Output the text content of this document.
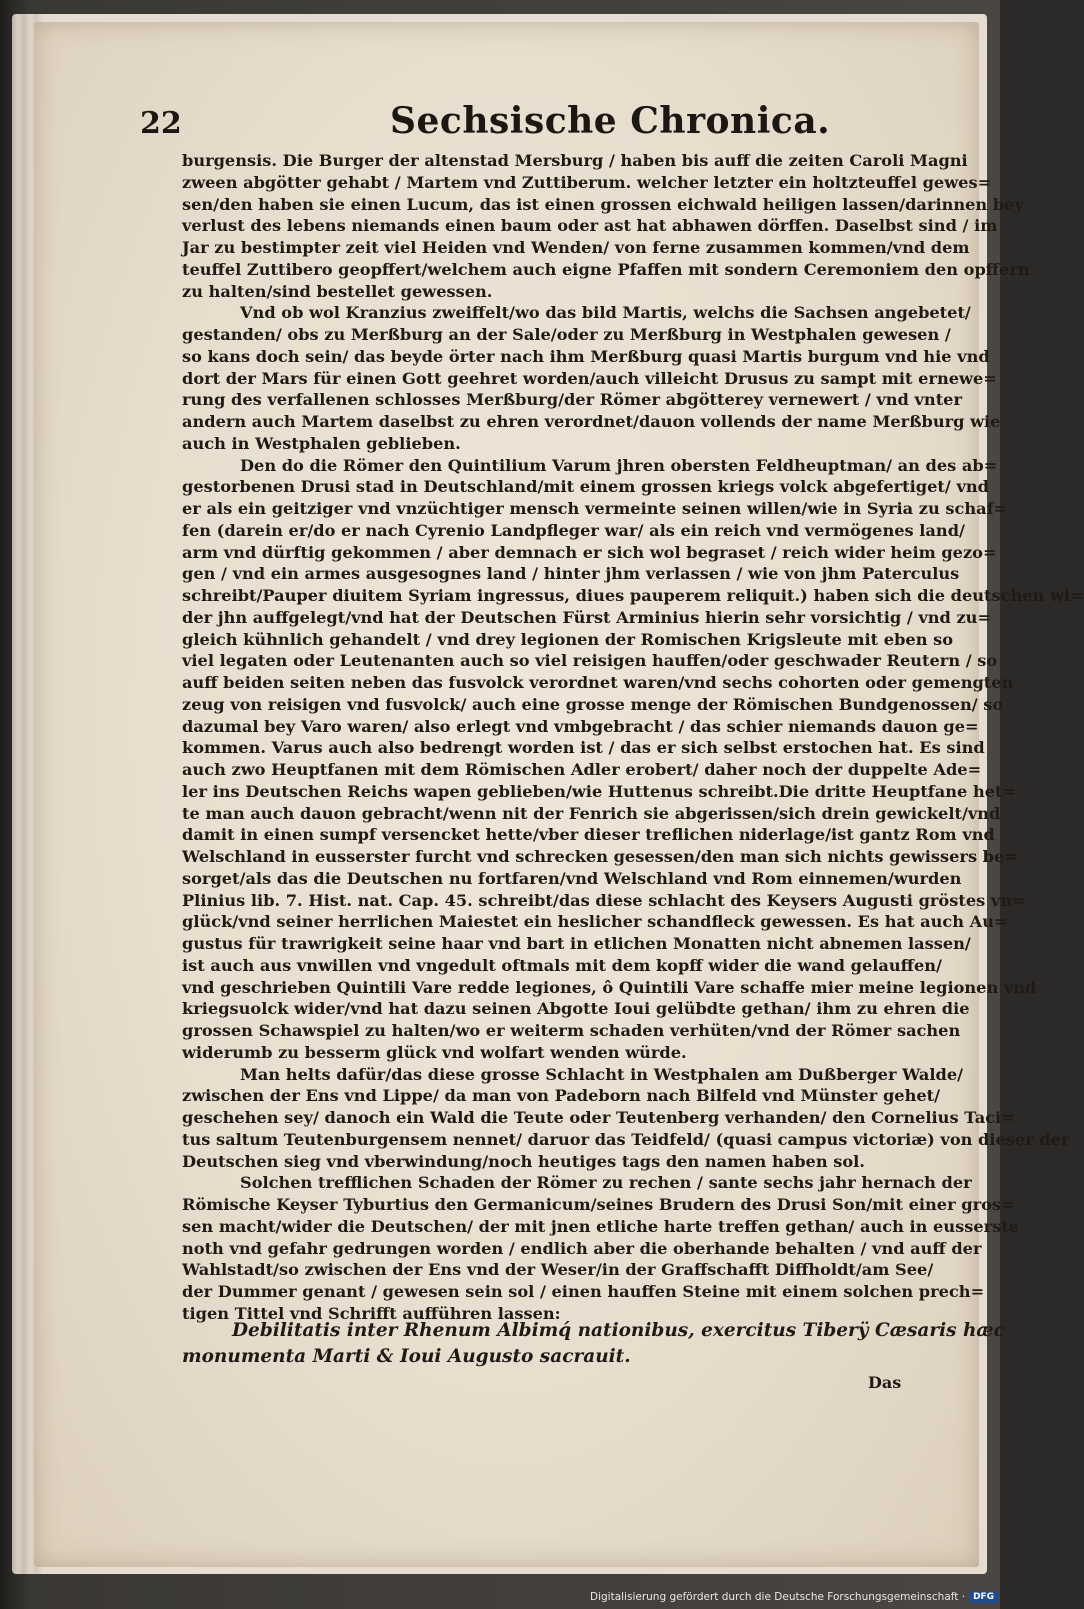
22	Sechsische Chronica.
burgensis. Die Burger der altenstad Mersburg / haben bis auff die zeiten Caroli Magni
zween abgötter gehabt / Martem vnd Zuttiberum. welcher letzter ein holtzteuffel gewes=
sen/den haben sie einen Lucum, das ist einen grossen eichwald heiligen lassen/darinnen bey
verlust des lebens niemands einen baum oder ast hat abhawen dörffen. Daselbst sind / im
Jar zu bestimpter zeit viel Heiden vnd Wenden/ von ferne zusammen kommen/vnd dem
teuffel Zuttibero geopffert/welchem auch eigne Pfaffen mit sondern Ceremoniem den opffern
zu halten/sind bestellet gewessen.
Vnd ob wol Kranzius zweiffelt/wo das bild Martis, welchs die Sachsen angebetet/
gestanden/ obs zu Merßburg an der Sale/oder zu Merßburg in Westphalen gewesen /
so kans doch sein/ das beyde örter nach ihm Merßburg quasi Martis burgum vnd hie vnd
dort der Mars für einen Gott geehret worden/auch villeicht Drusus zu sampt mit ernewe=
rung des verfallenen schlosses Merßburg/der Römer abgötterey vernewert / vnd vnter
andern auch Martem daselbst zu ehren verordnet/dauon vollends der name Merßburg wie
auch in Westphalen geblieben.
Den do die Römer den Quintilium Varum jhren obersten Feldheuptman/ an des ab=
gestorbenen Drusi stad in Deutschland/mit einem grossen kriegs volck abgefertiget/ vnd
er als ein geitziger vnd vnzüchtiger mensch vermeinte seinen willen/wie in Syria zu schaf=
fen (darein er/do er nach Cyrenio Landpfleger war/ als ein reich vnd vermögenes land/
arm vnd dürftig gekommen / aber demnach er sich wol begraset / reich wider heim gezo=
gen / vnd ein armes ausgesognes land / hinter jhm verlassen / wie von jhm Paterculus
schreibt/Pauper diuitem Syriam ingressus, diues pauperem reliquit.) haben sich die deutschen wi=
der jhn auffgelegt/vnd hat der Deutschen Fürst Arminius hierin sehr vorsichtig / vnd zu=
gleich kühnlich gehandelt / vnd drey legionen der Romischen Krigsleute mit eben so
viel legaten oder Leutenanten auch so viel reisigen hauffen/oder geschwader Reutern / so
auff beiden seiten neben das fusvolck verordnet waren/vnd sechs cohorten oder gemengten
zeug von reisigen vnd fusvolck/ auch eine grosse menge der Römischen Bundgenossen/ so
dazumal bey Varo waren/ also erlegt vnd vmbgebracht / das schier niemands dauon ge=
kommen. Varus auch also bedrengt worden ist / das er sich selbst erstochen hat. Es sind
auch zwo Heuptfanen mit dem Römischen Adler erobert/ daher noch der duppelte Ade=
ler ins Deutschen Reichs wapen geblieben/wie Huttenus schreibt.Die dritte Heuptfane het=
te man auch dauon gebracht/wenn nit der Fenrich sie abgerissen/sich drein gewickelt/vnd
damit in einen sumpf versencket hette/vber dieser treflichen niderlage/ist gantz Rom vnd
Welschland in eusserster furcht vnd schrecken gesessen/den man sich nichts gewissers be=
sorget/als das die Deutschen nu fortfaren/vnd Welschland vnd Rom einnemen/wurden
Plinius lib. 7. Hist. nat. Cap. 45. schreibt/das diese schlacht des Keysers Augusti gröstes vn=
glück/vnd seiner herrlichen Maiestet ein heslicher schandfleck gewessen. Es hat auch Au=
gustus für trawrigkeit seine haar vnd bart in etlichen Monatten nicht abnemen lassen/
ist auch aus vnwillen vnd vngedult oftmals mit dem kopff wider die wand gelauffen/
vnd geschrieben Quintili Vare redde legiones, ô Quintili Vare schaffe mier meine legionen vnd
kriegsuolck wider/vnd hat dazu seinen Abgotte Ioui gelübdte gethan/ ihm zu ehren die
grossen Schawspiel zu halten/wo er weiterm schaden verhüten/vnd der Römer sachen
widerumb zu besserm glück vnd wolfart wenden würde.
Man helts dafür/das diese grosse Schlacht in Westphalen am Dußberger Walde/
zwischen der Ens vnd Lippe/ da man von Padeborn nach Bilfeld vnd Münster gehet/
geschehen sey/ danoch ein Wald die Teute oder Teutenberg verhanden/ den Cornelius Taci=
tus saltum Teutenburgensem nennet/ daruor das Teidfeld/ (quasi campus victoriæ) von dieser der
Deutschen sieg vnd vberwindung/noch heutiges tags den namen haben sol.
Solchen trefflichen Schaden der Römer zu rechen / sante sechs jahr hernach der
Römische Keyser Tyburtius den Germanicum/seines Brudern des Drusi Son/mit einer gros=
sen macht/wider die Deutschen/ der mit jnen etliche harte treffen gethan/ auch in eusserste
noth vnd gefahr gedrungen worden / endlich aber die oberhande behalten / vnd auff der
Wahlstadt/so zwischen der Ens vnd der Weser/in der Graffschafft Diffholdt/am See/
der Dummer genant / gewesen sein sol / einen hauffen Steine mit einem solchen prech=
tigen Tittel vnd Schrifft aufführen lassen:
Debilitatis inter Rhenum Albimq́ nationibus, exercitus Tiberÿ Cæsaris hæc
monumenta Marti & Ioui Augusto sacrauit.
Das
Digitalisierung gefördert durch die Deutsche Forschungsgemeinschaft · DFG
